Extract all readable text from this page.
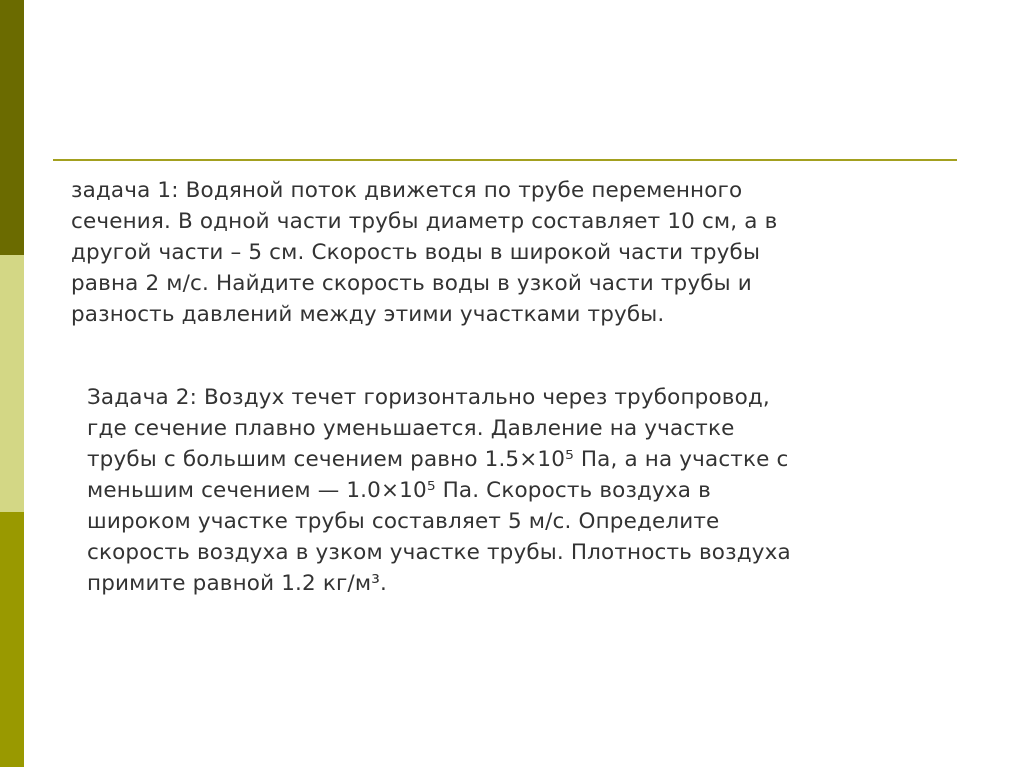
задача 1: Водяной поток движется по трубе переменного
сечения. В одной части трубы диаметр составляет 10 см, а в
другой части – 5 см. Скорость воды в широкой части трубы
равна 2 м/с. Найдите скорость воды в узкой части трубы и
разность давлений между этими участками трубы.

Задача 2: Воздух течет горизонтально через трубопровод,
где сечение плавно уменьшается. Давление на участке
трубы с большим сечением равно 1.5×10⁵ Па, а на участке с
меньшим сечением — 1.0×10⁵ Па. Скорость воздуха в
широком участке трубы составляет 5 м/с. Определите
скорость воздуха в узком участке трубы. Плотность воздуха
примите равной 1.2 кг/м³.
